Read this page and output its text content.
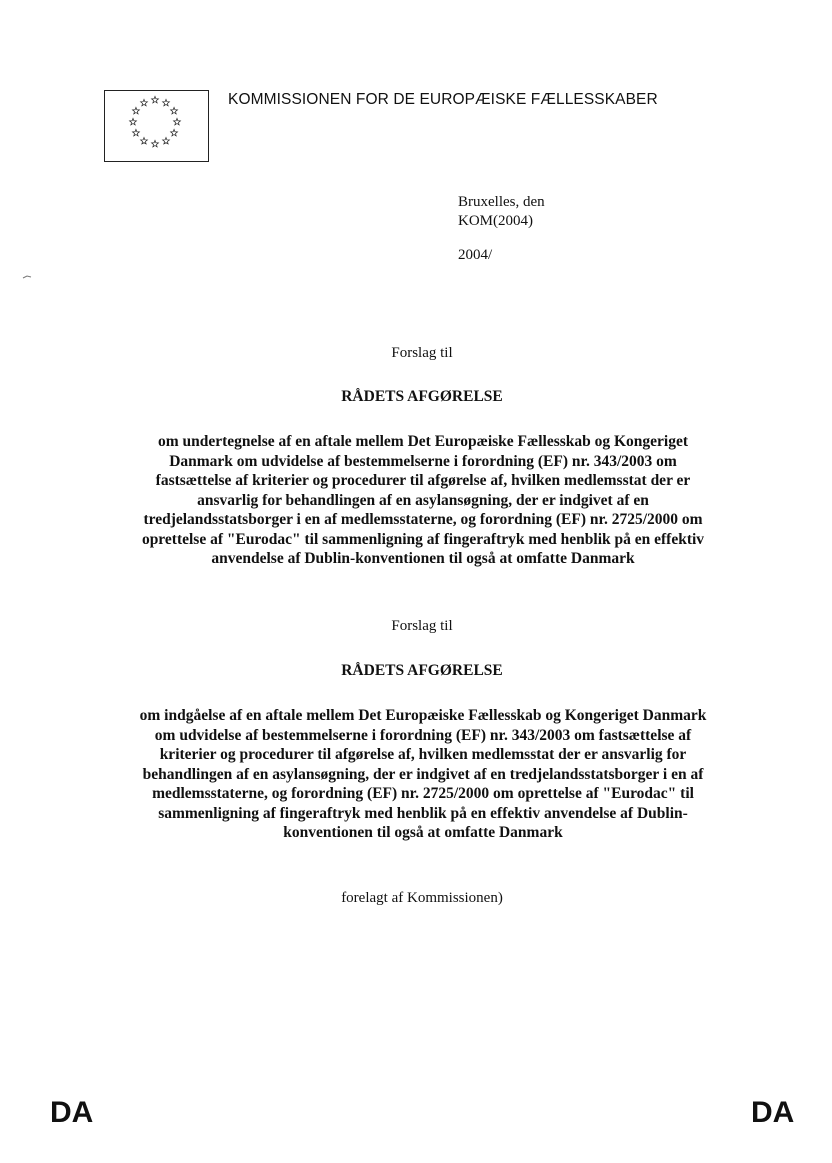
KOMMISSIONEN FOR DE EUROPÆISKE FÆLLESSKABER
Bruxelles, den
KOM(2004)
2004/
Forslag til
RÅDETS AFGØRELSE
om undertegnelse af en aftale mellem Det Europæiske Fællesskab og Kongeriget
Danmark om udvidelse af bestemmelserne i forordning (EF) nr. 343/2003 om
fastsættelse af kriterier og procedurer til afgørelse af, hvilken medlemsstat der er
ansvarlig for behandlingen af en asylansøgning, der er indgivet af en
tredjelandsstatsborger i en af medlemsstaterne, og forordning (EF) nr. 2725/2000 om
oprettelse af "Eurodac" til sammenligning af fingeraftryk med henblik på en effektiv
anvendelse af Dublin-konventionen til også at omfatte Danmark
Forslag til
RÅDETS AFGØRELSE
om indgåelse af en aftale mellem Det Europæiske Fællesskab og Kongeriget Danmark
om udvidelse af bestemmelserne i forordning (EF) nr. 343/2003 om fastsættelse af
kriterier og procedurer til afgørelse af, hvilken medlemsstat der er ansvarlig for
behandlingen af en asylansøgning, der er indgivet af en tredjelandsstatsborger i en af
medlemsstaterne, og forordning (EF) nr. 2725/2000 om oprettelse af "Eurodac" til
sammenligning af fingeraftryk med henblik på en effektiv anvendelse af Dublin-
konventionen til også at omfatte Danmark
forelagt af Kommissionen)
DA	DA
